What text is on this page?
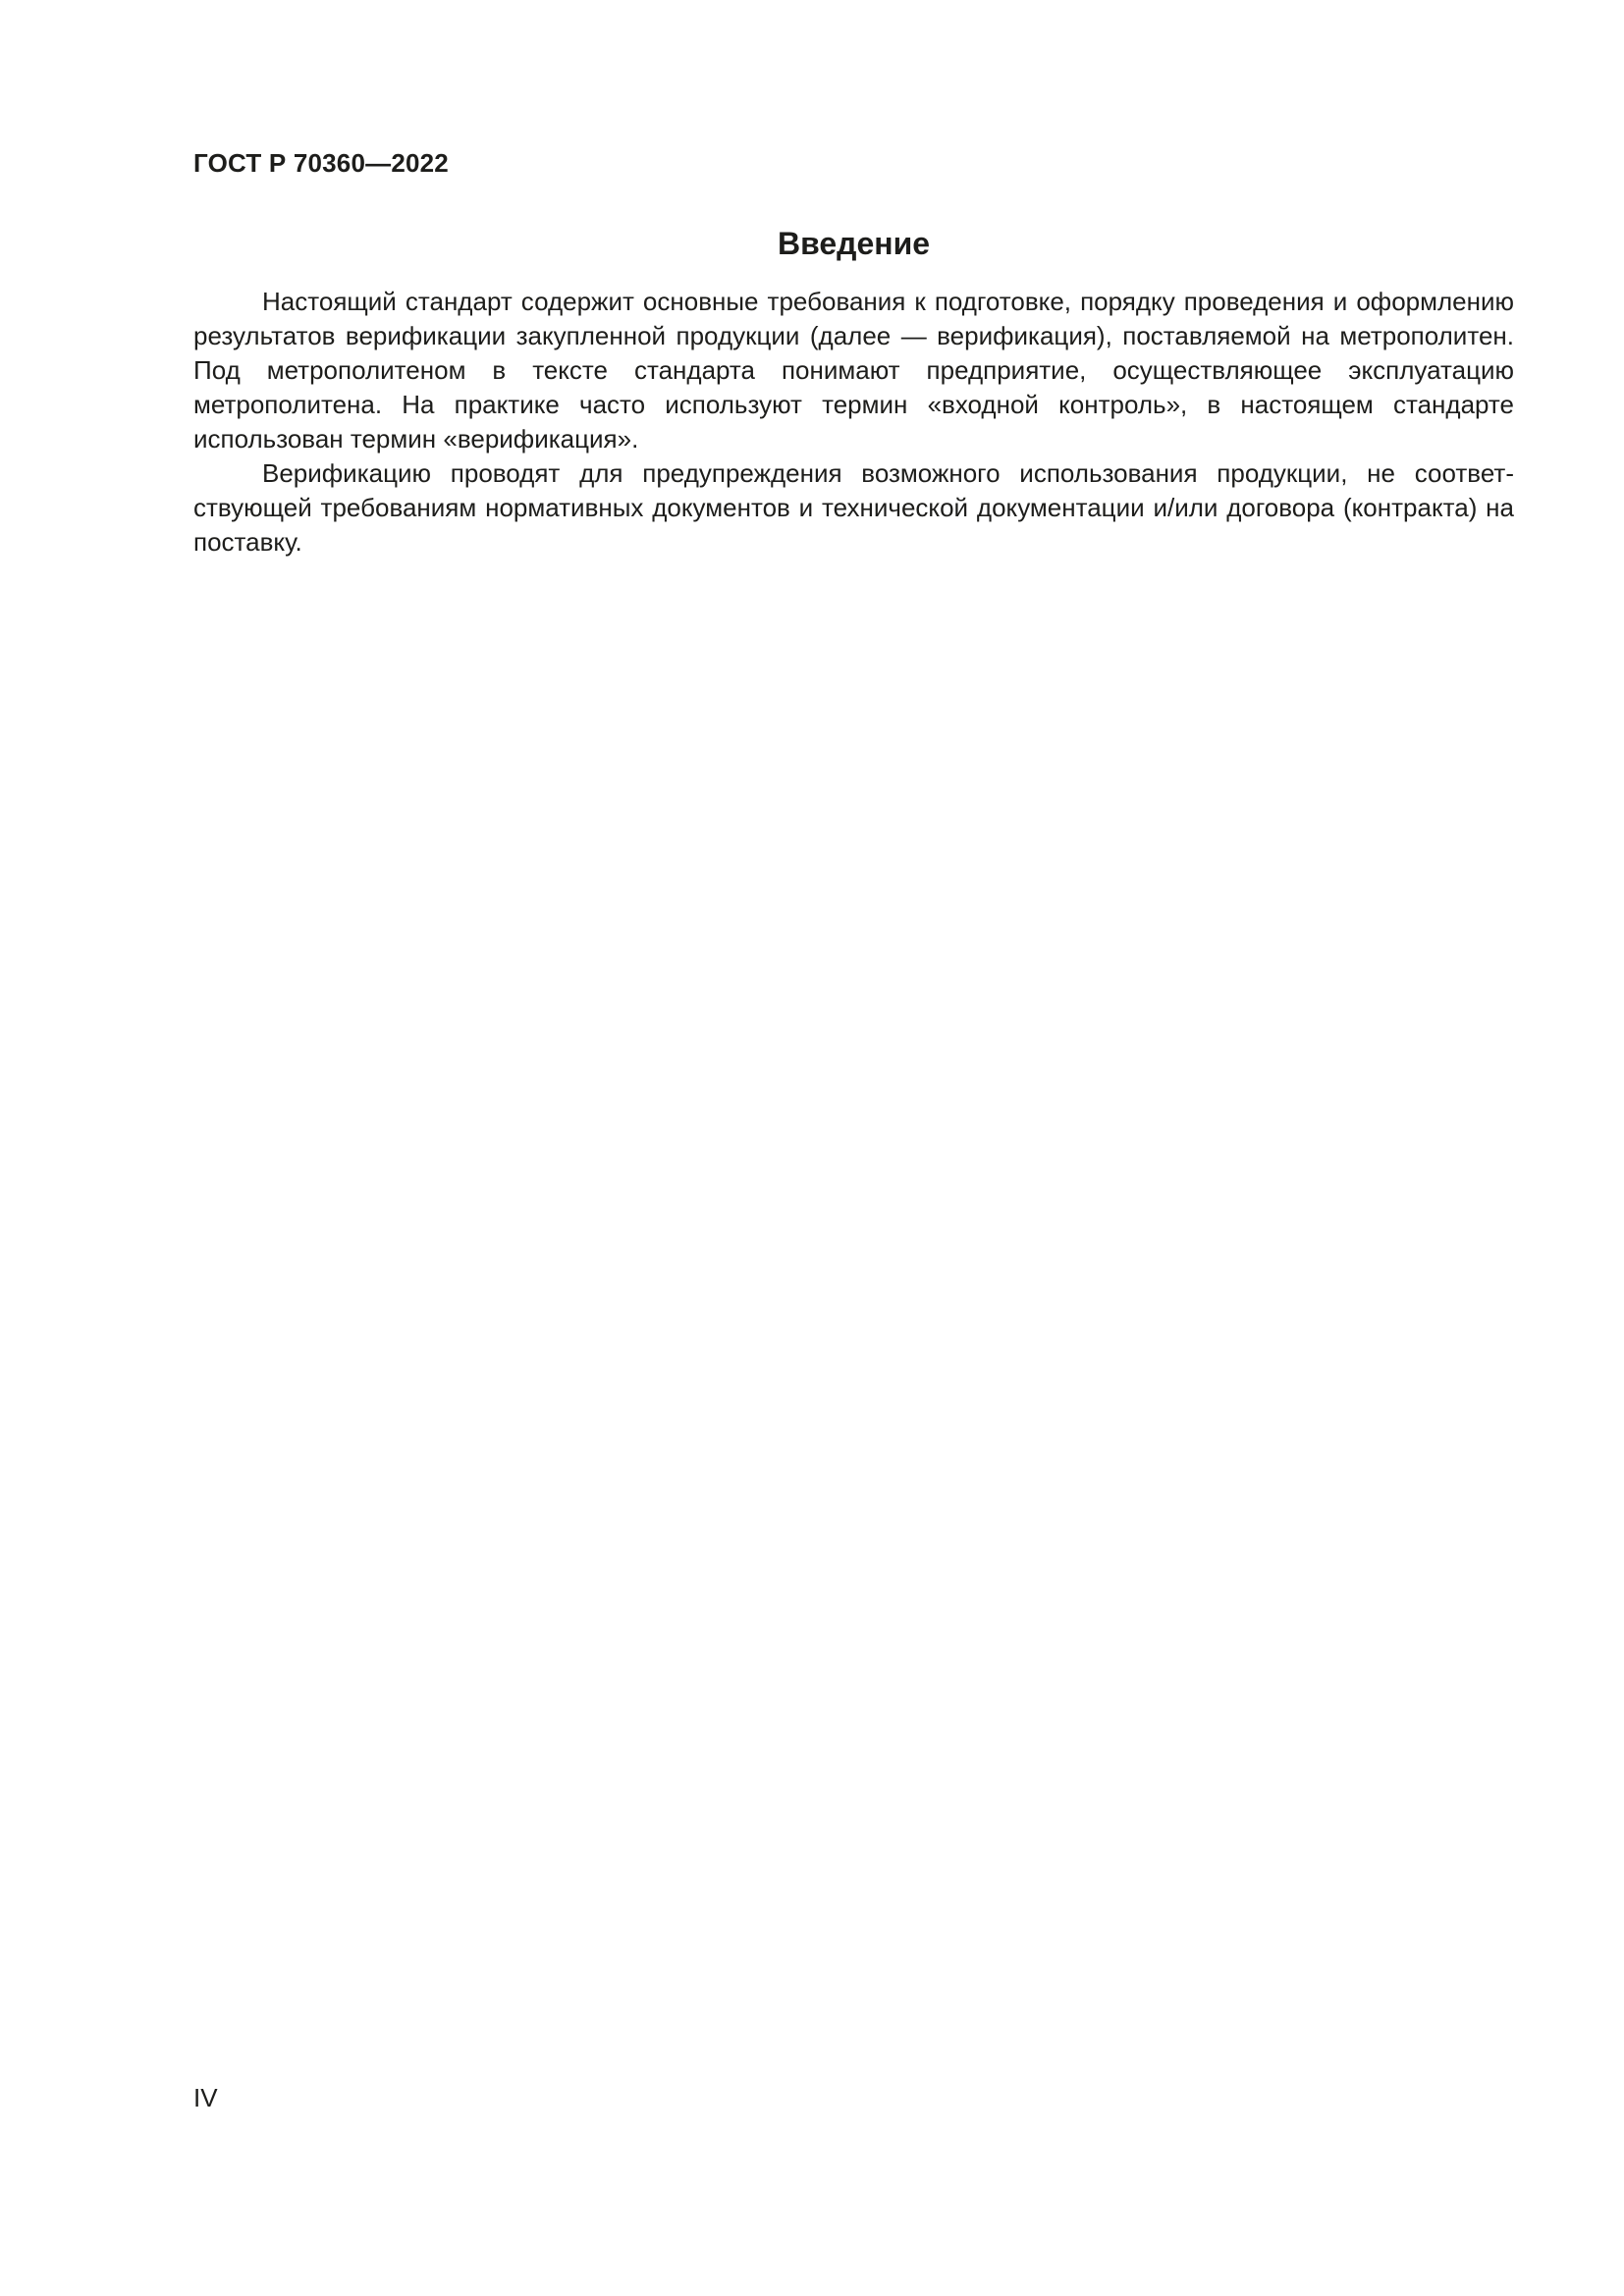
ГОСТ Р 70360—2022
Введение

Настоящий стандарт содержит основные требования к подготовке, порядку проведения и оформлению результатов верификации закупленной продукции (далее — верификация), поставляемой на метрополитен. Под метрополитеном в тексте стандарта понимают предприятие, осуществляющее эксплуатацию метрополитена. На практике часто используют термин «входной контроль», в настоящем стандарте использован термин «верификация».

Верификацию проводят для предупреждения возможного использования продукции, не соответствующей требованиям нормативных документов и технической документации и/или договора (контракта) на поставку.

IV
